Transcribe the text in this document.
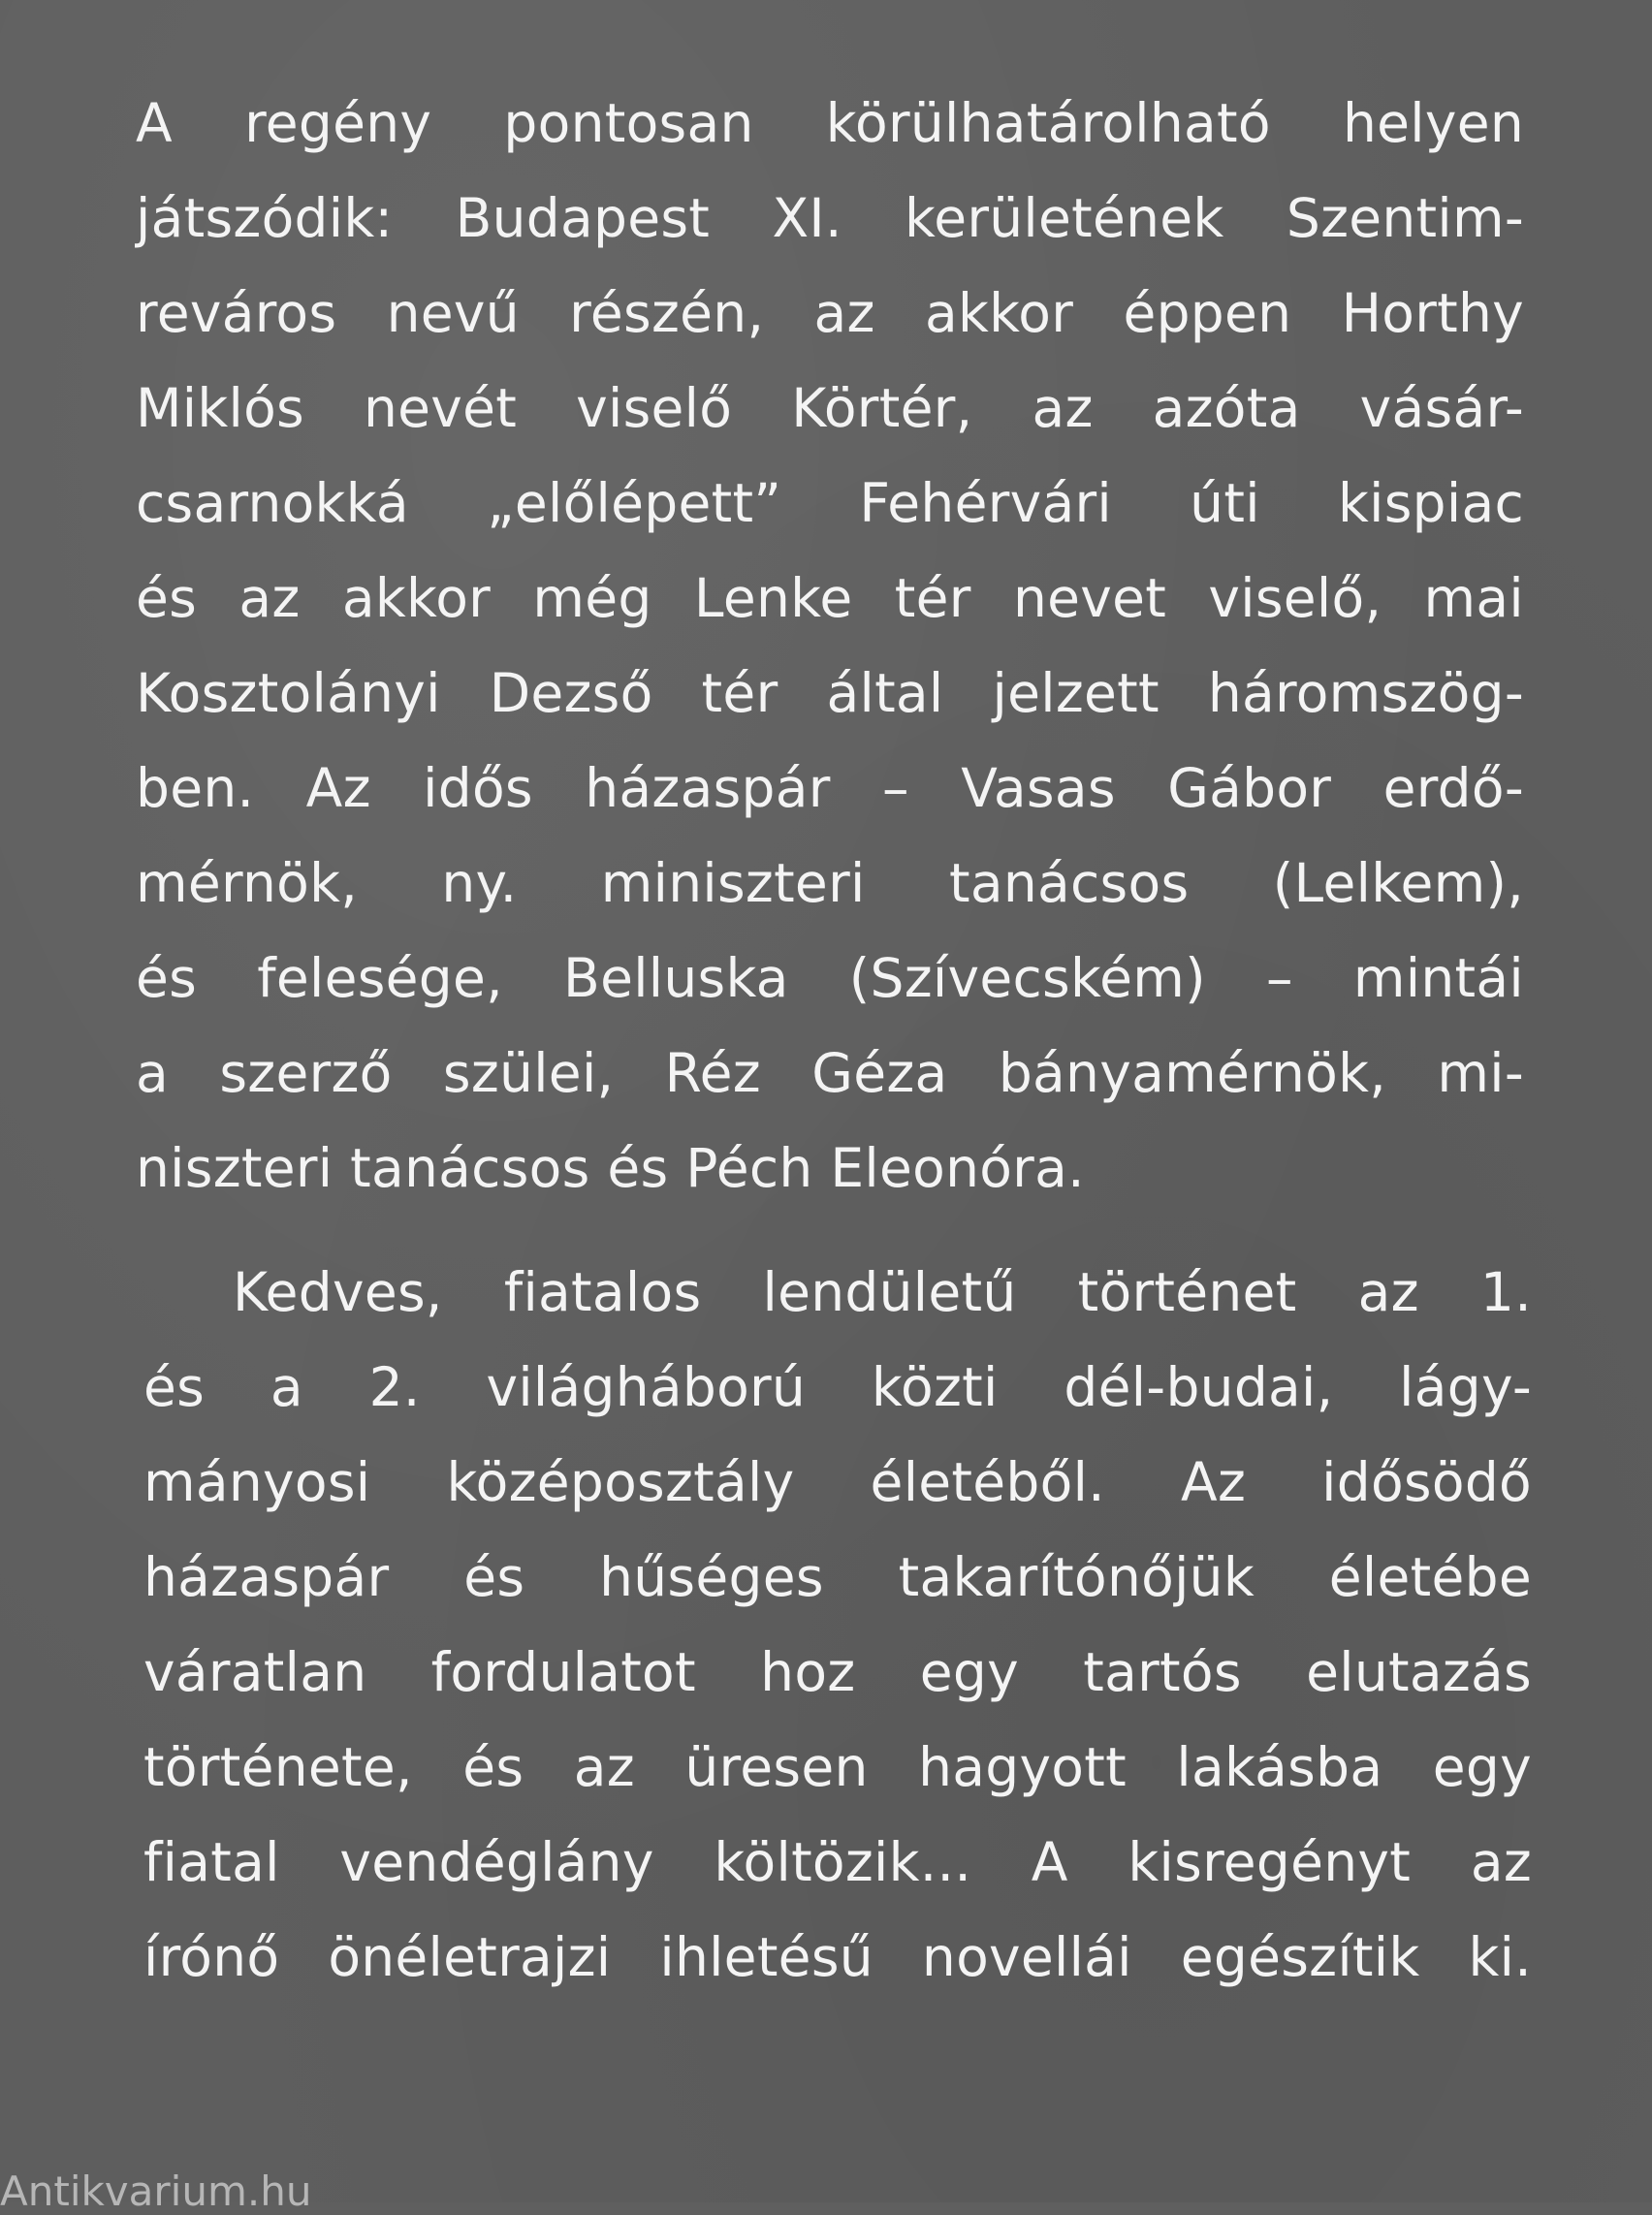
A regény pontosan körülhatárolható helyen
játszódik: Budapest XI. kerületének Szentim-
reváros nevű részén, az akkor éppen Horthy
Miklós nevét viselő Körtér, az azóta vásár-
csarnokká „előlépett” Fehérvári úti kispiac
és az akkor még Lenke tér nevet viselő, mai
Kosztolányi Dezső tér által jelzett háromszög-
ben. Az idős házaspár – Vasas Gábor erdő-
mérnök, ny. miniszteri tanácsos (Lelkem),
és felesége, Belluska (Szívecském) – mintái
a szerző szülei, Réz Géza bányamérnök, mi-
niszteri tanácsos és Péch Eleonóra.
Kedves, fiatalos lendületű történet az 1.
és a 2. világháború közti dél-budai, lágy-
mányosi középosztály életéből. Az idősödő
házaspár és hűséges takarítónőjük életébe
váratlan fordulatot hoz egy tartós elutazás
története, és az üresen hagyott lakásba egy
fiatal vendéglány költözik... A kisregényt az
írónő önéletrajzi ihletésű novellái egészítik ki.
Antikvarium.hu
